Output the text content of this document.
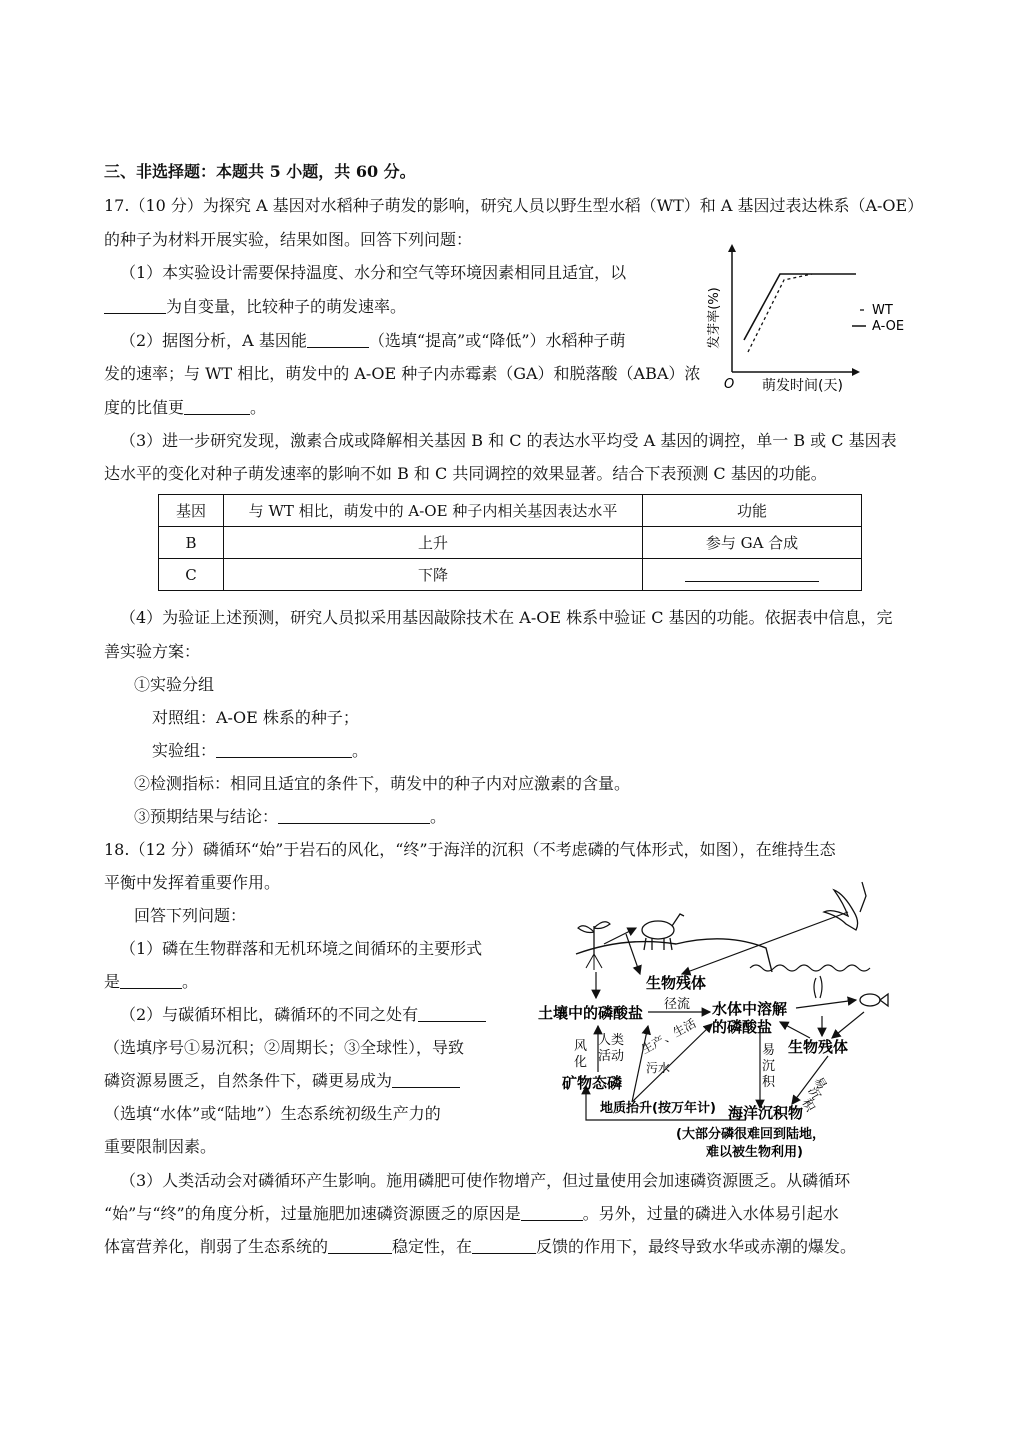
三、非选择题：本题共 5 小题，共 60 分。
17.（10 分）为探究 A 基因对水稻种子萌发的影响，研究人员以野生型水稻（WT）和 A 基因过表达株系（A-OE）
的种子为材料开展实验，结果如图。回答下列问题：
（1）本实验设计需要保持温度、水分和空气等环境因素相同且适宜，以
为自变量，比较种子的萌发速率。
（2）据图分析，A 基因能	（选填“提高”或“降低”）水稻种子萌
发的速率；与 WT 相比，萌发中的 A-OE 种子内赤霉素（GA）和脱落酸（ABA）浓
度的比值更	。
发芽率(%)
O 萌发时间(天)
WT
A-OE
（3）进一步研究发现，激素合成或降解相关基因 B 和 C 的表达水平均受 A 基因的调控，单一 B 或 C 基因表
达水平的变化对种子萌发速率的影响不如 B 和 C 共同调控的效果显著。结合下表预测 C 基因的功能。
基因	与 WT 相比，萌发中的 A-OE 种子内相关基因表达水平	功能
B	上升	参与 GA 合成
C	下降	
（4）为验证上述预测，研究人员拟采用基因敲除技术在 A-OE 株系中验证 C 基因的功能。依据表中信息，完
善实验方案：
①实验分组
对照组：A-OE 株系的种子；
实验组：	。
②检测指标：相同且适宜的条件下，萌发中的种子内对应激素的含量。
③预期结果与结论：	。
18.（12 分）磷循环“始”于岩石的风化，“终”于海洋的沉积（不考虑磷的气体形式，如图），在维持生态
平衡中发挥着重要作用。
回答下列问题：
（1）磷在生物群落和无机环境之间循环的主要形式
是	。
（2）与碳循环相比，磷循环的不同之处有
（选填序号①易沉积；②周期长；③全球性），导致
磷资源易匮乏，自然条件下，磷更易成为
（选填“水体”或“陆地”）生态系统初级生产力的
重要限制因素。
生物残体
土壤中的磷酸盐 径流 水体中溶解
的磷酸盐
生物残体
风
化
人类
活动 生产、生活
污水
矿物态磷
易
沉
积	易
沉
积
地质抬升(按万年计) 海洋沉积物
(大部分磷很难回到陆地，
难以被生物利用)
（3）人类活动会对磷循环产生影响。施用磷肥可使作物增产，但过量使用会加速磷资源匮乏。从磷循环
“始”与“终”的角度分析，过量施肥加速磷资源匮乏的原因是	。另外，过量的磷进入水体易引起水
体富营养化，削弱了生态系统的	稳定性，在	反馈的作用下，最终导致水华或赤潮的爆发。
